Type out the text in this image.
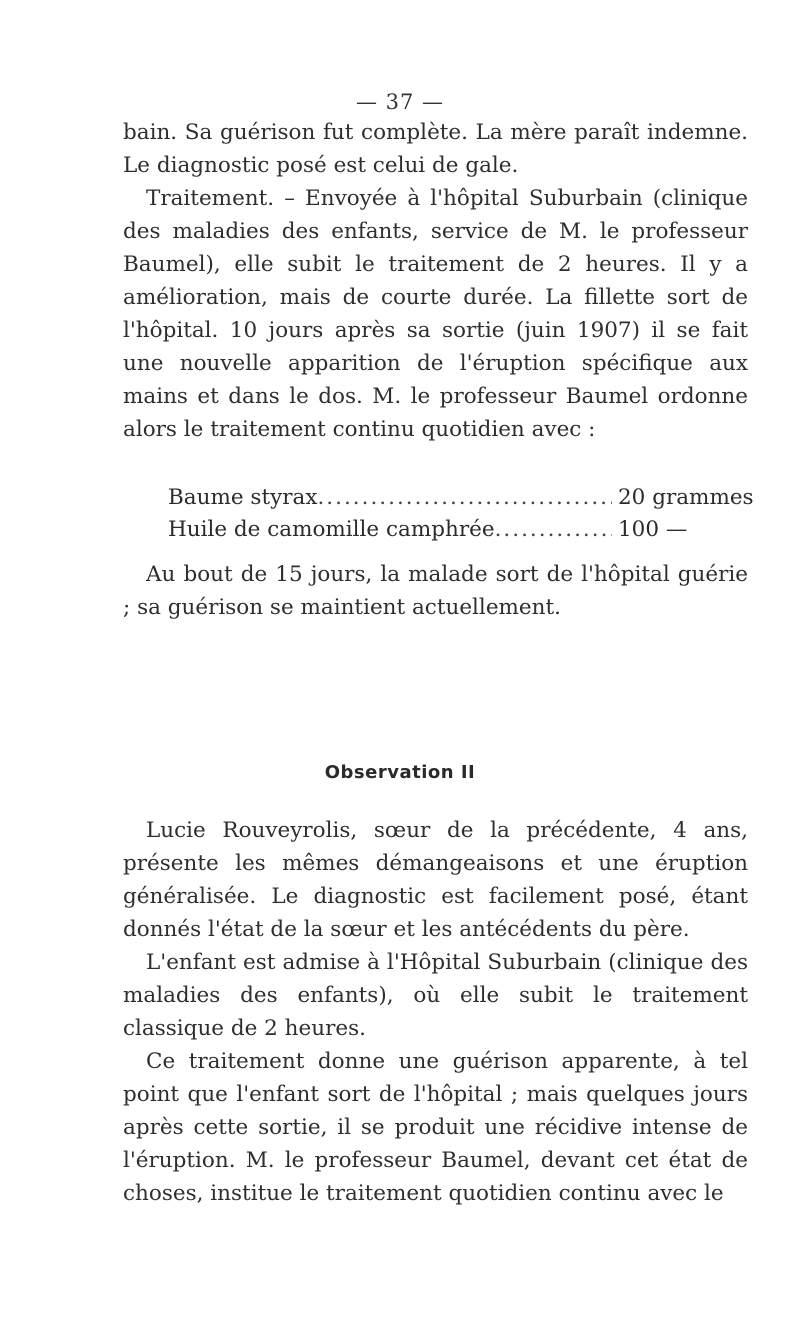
— 37 —

bain. Sa guérison fut complète. La mère paraît indemne. Le diagnostic posé est celui de gale.

Traitement. – Envoyée à l'hôpital Suburbain (clinique des maladies des enfants, service de M. le professeur Baumel), elle subit le traitement de 2 heures. Il y a amélioration, mais de courte durée. La fillette sort de l'hôpital. 10 jours après sa sortie (juin 1907) il se fait une nouvelle apparition de l'éruption spécifique aux mains et dans le dos. M. le professeur Baumel ordonne alors le traitement continu quotidien avec :

Baume styrax .....	20 grammes
Huile de camomille camphrée .....	100 —

Au bout de 15 jours, la malade sort de l'hôpital guérie ; sa guérison se maintient actuellement.

Observation II

Lucie Rouveyrolis, sœur de la précédente, 4 ans, présente les mêmes démangeaisons et une éruption généralisée. Le diagnostic est facilement posé, étant donnés l'état de la sœur et les antécédents du père.

L'enfant est admise à l'Hôpital Suburbain (clinique des maladies des enfants), où elle subit le traitement classique de 2 heures.

Ce traitement donne une guérison apparente, à tel point que l'enfant sort de l'hôpital ; mais quelques jours après cette sortie, il se produit une récidive intense de l'éruption. M. le professeur Baumel, devant cet état de choses, institue le traitement quotidien continu avec le
